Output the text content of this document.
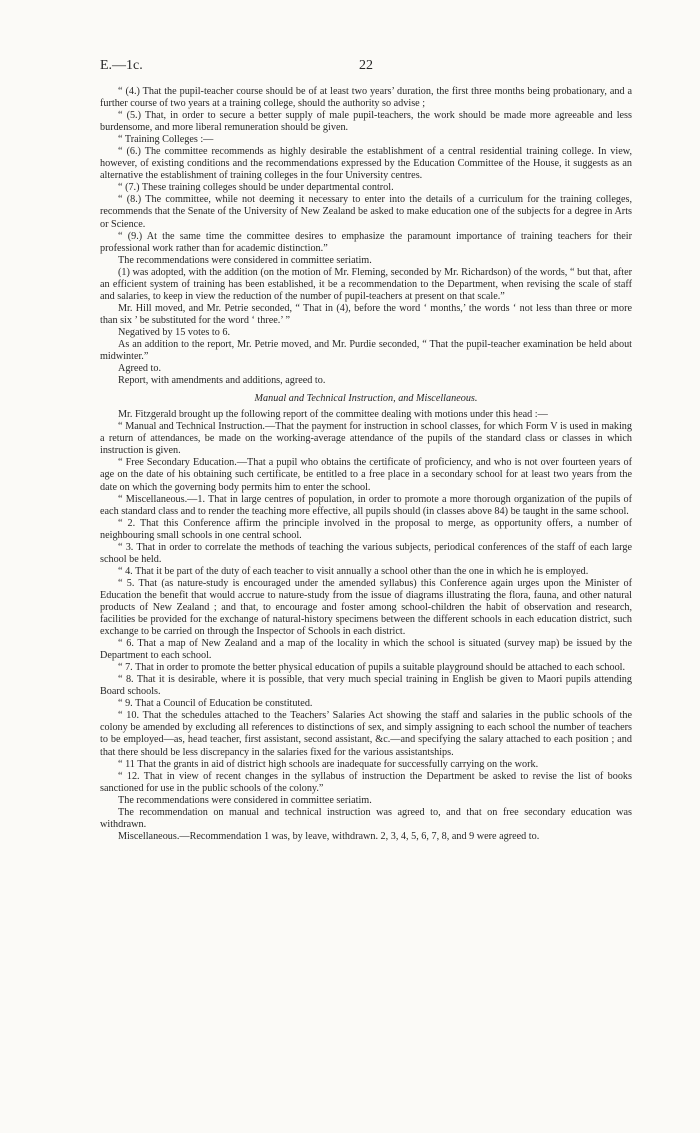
E.—1c.	22

“ (4.) That the pupil-teacher course should be of at least two years’ duration, the first three months being probationary, and a further course of two years at a training college, should the authority so advise ;

“ (5.) That, in order to secure a better supply of male pupil-teachers, the work should be made more agreeable and less burdensome, and more liberal remuneration should be given.

“ Training Colleges :—

“ (6.) The committee recommends as highly desirable the establishment of a central residential training college. In view, however, of existing conditions and the recommendations expressed by the Education Committee of the House, it suggests as an alternative the establishment of training colleges in the four University centres.

“ (7.) These training colleges should be under departmental control.

“ (8.) The committee, while not deeming it necessary to enter into the details of a curriculum for the training colleges, recommends that the Senate of the University of New Zealand be asked to make education one of the subjects for a degree in Arts or Science.

“ (9.) At the same time the committee desires to emphasize the paramount importance of training teachers for their professional work rather than for academic distinction.”

The recommendations were considered in committee seriatim.

(1) was adopted, with the addition (on the motion of Mr. Fleming, seconded by Mr. Richardson) of the words, “ but that, after an efficient system of training has been established, it be a recommendation to the Department, when revising the scale of staff and salaries, to keep in view the reduction of the number of pupil-teachers at present on that scale.”

Mr. Hill moved, and Mr. Petrie seconded, “ That in (4), before the word ‘ months,’ the words ‘ not less than three or more than six ’ be substituted for the word ‘ three.’ ”

Negatived by 15 votes to 6.

As an addition to the report, Mr. Petrie moved, and Mr. Purdie seconded, “ That the pupil-teacher examination be held about midwinter.”

Agreed to.

Report, with amendments and additions, agreed to.

Manual and Technical Instruction, and Miscellaneous.

Mr. Fitzgerald brought up the following report of the committee dealing with motions under this head :—

“ Manual and Technical Instruction.—That the payment for instruction in school classes, for which Form V is used in making a return of attendances, be made on the working-average attendance of the pupils of the standard class or classes in which instruction is given.

“ Free Secondary Education.—That a pupil who obtains the certificate of proficiency, and who is not over fourteen years of age on the date of his obtaining such certificate, be entitled to a free place in a secondary school for at least two years from the date on which the governing body permits him to enter the school.

“ Miscellaneous.—1. That in large centres of population, in order to promote a more thorough organization of the pupils of each standard class and to render the teaching more effective, all pupils should (in classes above 84) be taught in the same school.

“ 2. That this Conference affirm the principle involved in the proposal to merge, as opportunity offers, a number of neighbouring small schools in one central school.

“ 3. That in order to correlate the methods of teaching the various subjects, periodical conferences of the staff of each large school be held.

“ 4. That it be part of the duty of each teacher to visit annually a school other than the one in which he is employed.

“ 5. That (as nature-study is encouraged under the amended syllabus) this Conference again urges upon the Minister of Education the benefit that would accrue to nature-study from the issue of diagrams illustrating the flora, fauna, and other natural products of New Zealand ; and that, to encourage and foster among school-children the habit of observation and research, facilities be provided for the exchange of natural-history specimens between the different schools in each education district, such exchange to be carried on through the Inspector of Schools in each district.

“ 6. That a map of New Zealand and a map of the locality in which the school is situated (survey map) be issued by the Department to each school.

“ 7. That in order to promote the better physical education of pupils a suitable playground should be attached to each school.

“ 8. That it is desirable, where it is possible, that very much special training in English be given to Maori pupils attending Board schools.

“ 9. That a Council of Education be constituted.

“ 10. That the schedules attached to the Teachers’ Salaries Act showing the staff and salaries in the public schools of the colony be amended by excluding all references to distinctions of sex, and simply assigning to each school the number of teachers to be employed—as, head teacher, first assistant, second assistant, &c.—and specifying the salary attached to each position ; and that there should be less discrepancy in the salaries fixed for the various assistantships.

“ 11 That the grants in aid of district high schools are inadequate for successfully carrying on the work.

“ 12. That in view of recent changes in the syllabus of instruction the Department be asked to revise the list of books sanctioned for use in the public schools of the colony.”

The recommendations were considered in committee seriatim.

The recommendation on manual and technical instruction was agreed to, and that on free secondary education was withdrawn.

Miscellaneous.—Recommendation 1 was, by leave, withdrawn. 2, 3, 4, 5, 6, 7, 8, and 9 were agreed to.
